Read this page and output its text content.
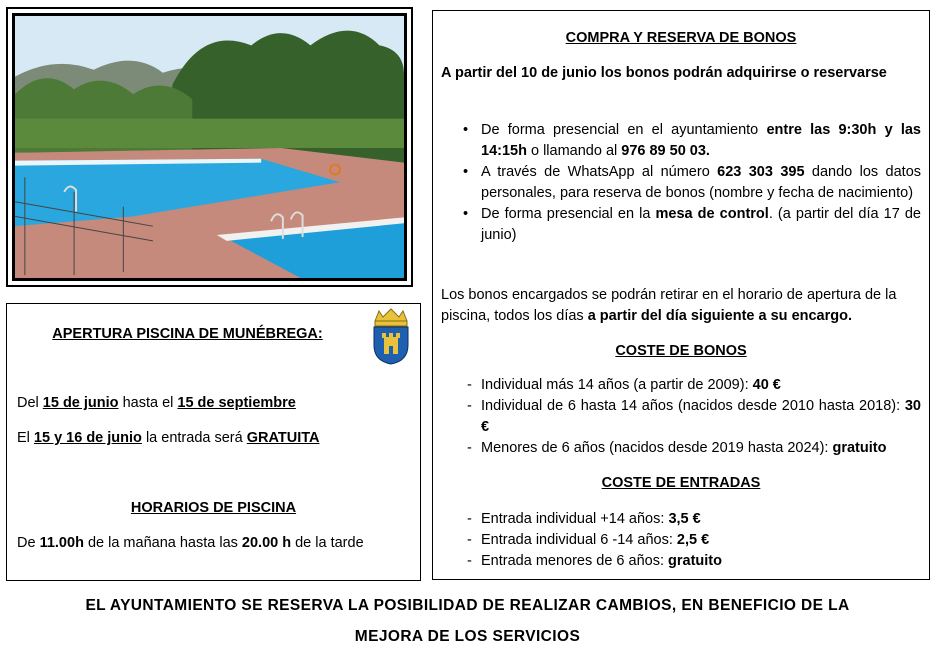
APERTURA PISCINA DE MUNÉBREGA:
Del 15 de junio hasta el 15 de septiembre
El 15 y 16 de junio la entrada será GRATUITA
HORARIOS DE PISCINA
De 11.00h de la mañana hasta las 20.00 h de la tarde
COMPRA Y RESERVA DE BONOS
A partir del 10 de junio los bonos podrán adquirirse o reservarse
• De forma presencial en el ayuntamiento entre las 9:30h y las 14:15h o llamando al 976 89 50 03.
• A través de WhatsApp al número 623 303 395 dando los datos personales, para reserva de bonos (nombre y fecha de nacimiento)
• De forma presencial en la mesa de control. (a partir del día 17 de junio)
Los bonos encargados se podrán retirar en el horario de apertura de la piscina, todos los días a partir del día siguiente a su encargo.
COSTE DE BONOS
- Individual más 14 años (a partir de 2009): 40 €
- Individual de 6 hasta 14 años (nacidos desde 2010 hasta 2018): 30 €
- Menores de 6 años (nacidos desde 2019 hasta 2024): gratuito
COSTE DE ENTRADAS
- Entrada individual +14 años: 3,5 €
- Entrada individual 6 -14 años: 2,5 €
- Entrada menores de 6 años: gratuito
EL AYUNTAMIENTO SE RESERVA LA POSIBILIDAD DE REALIZAR CAMBIOS, EN BENEFICIO DE LA
MEJORA DE LOS SERVICIOS
